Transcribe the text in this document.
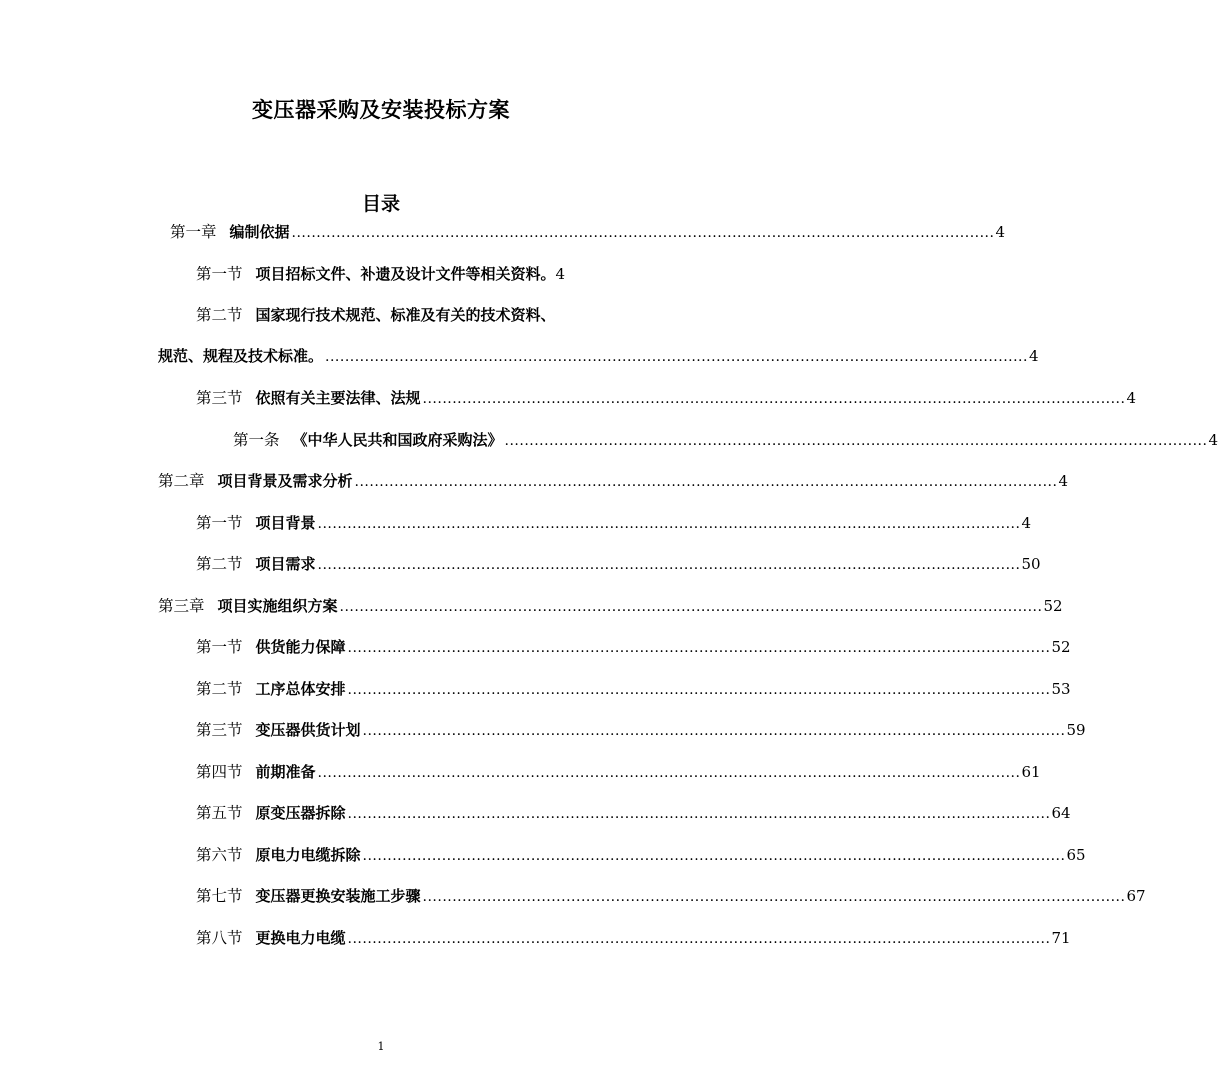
变压器采购及安装投标方案
目录
第一章 编制依据 .............................................................................................................................................. 4
第一节 项目招标文件、补遗及设计文件等相关资料。 4
第二节 国家现行技术规范、标准及有关的技术资料、
规范、规程及技术标准。 .............................................................................................................................................. 4
第三节 依照有关主要法律、法规 .............................................................................................................................................. 4
第一条 《中华人民共和国政府采购法》 .............................................................................................................................................. 4
第二章 项目背景及需求分析 .............................................................................................................................................. 4
第一节 项目背景 .............................................................................................................................................. 4
第二节 项目需求 .............................................................................................................................................. 50
第三章 项目实施组织方案 .............................................................................................................................................. 52
第一节 供货能力保障 .............................................................................................................................................. 52
第二节 工序总体安排 .............................................................................................................................................. 53
第三节 变压器供货计划 .............................................................................................................................................. 59
第四节 前期准备 .............................................................................................................................................. 61
第五节 原变压器拆除 .............................................................................................................................................. 64
第六节 原电力电缆拆除 .............................................................................................................................................. 65
第七节 变压器更换安装施工步骤 .............................................................................................................................................. 67
第八节 更换电力电缆 .............................................................................................................................................. 71
1
